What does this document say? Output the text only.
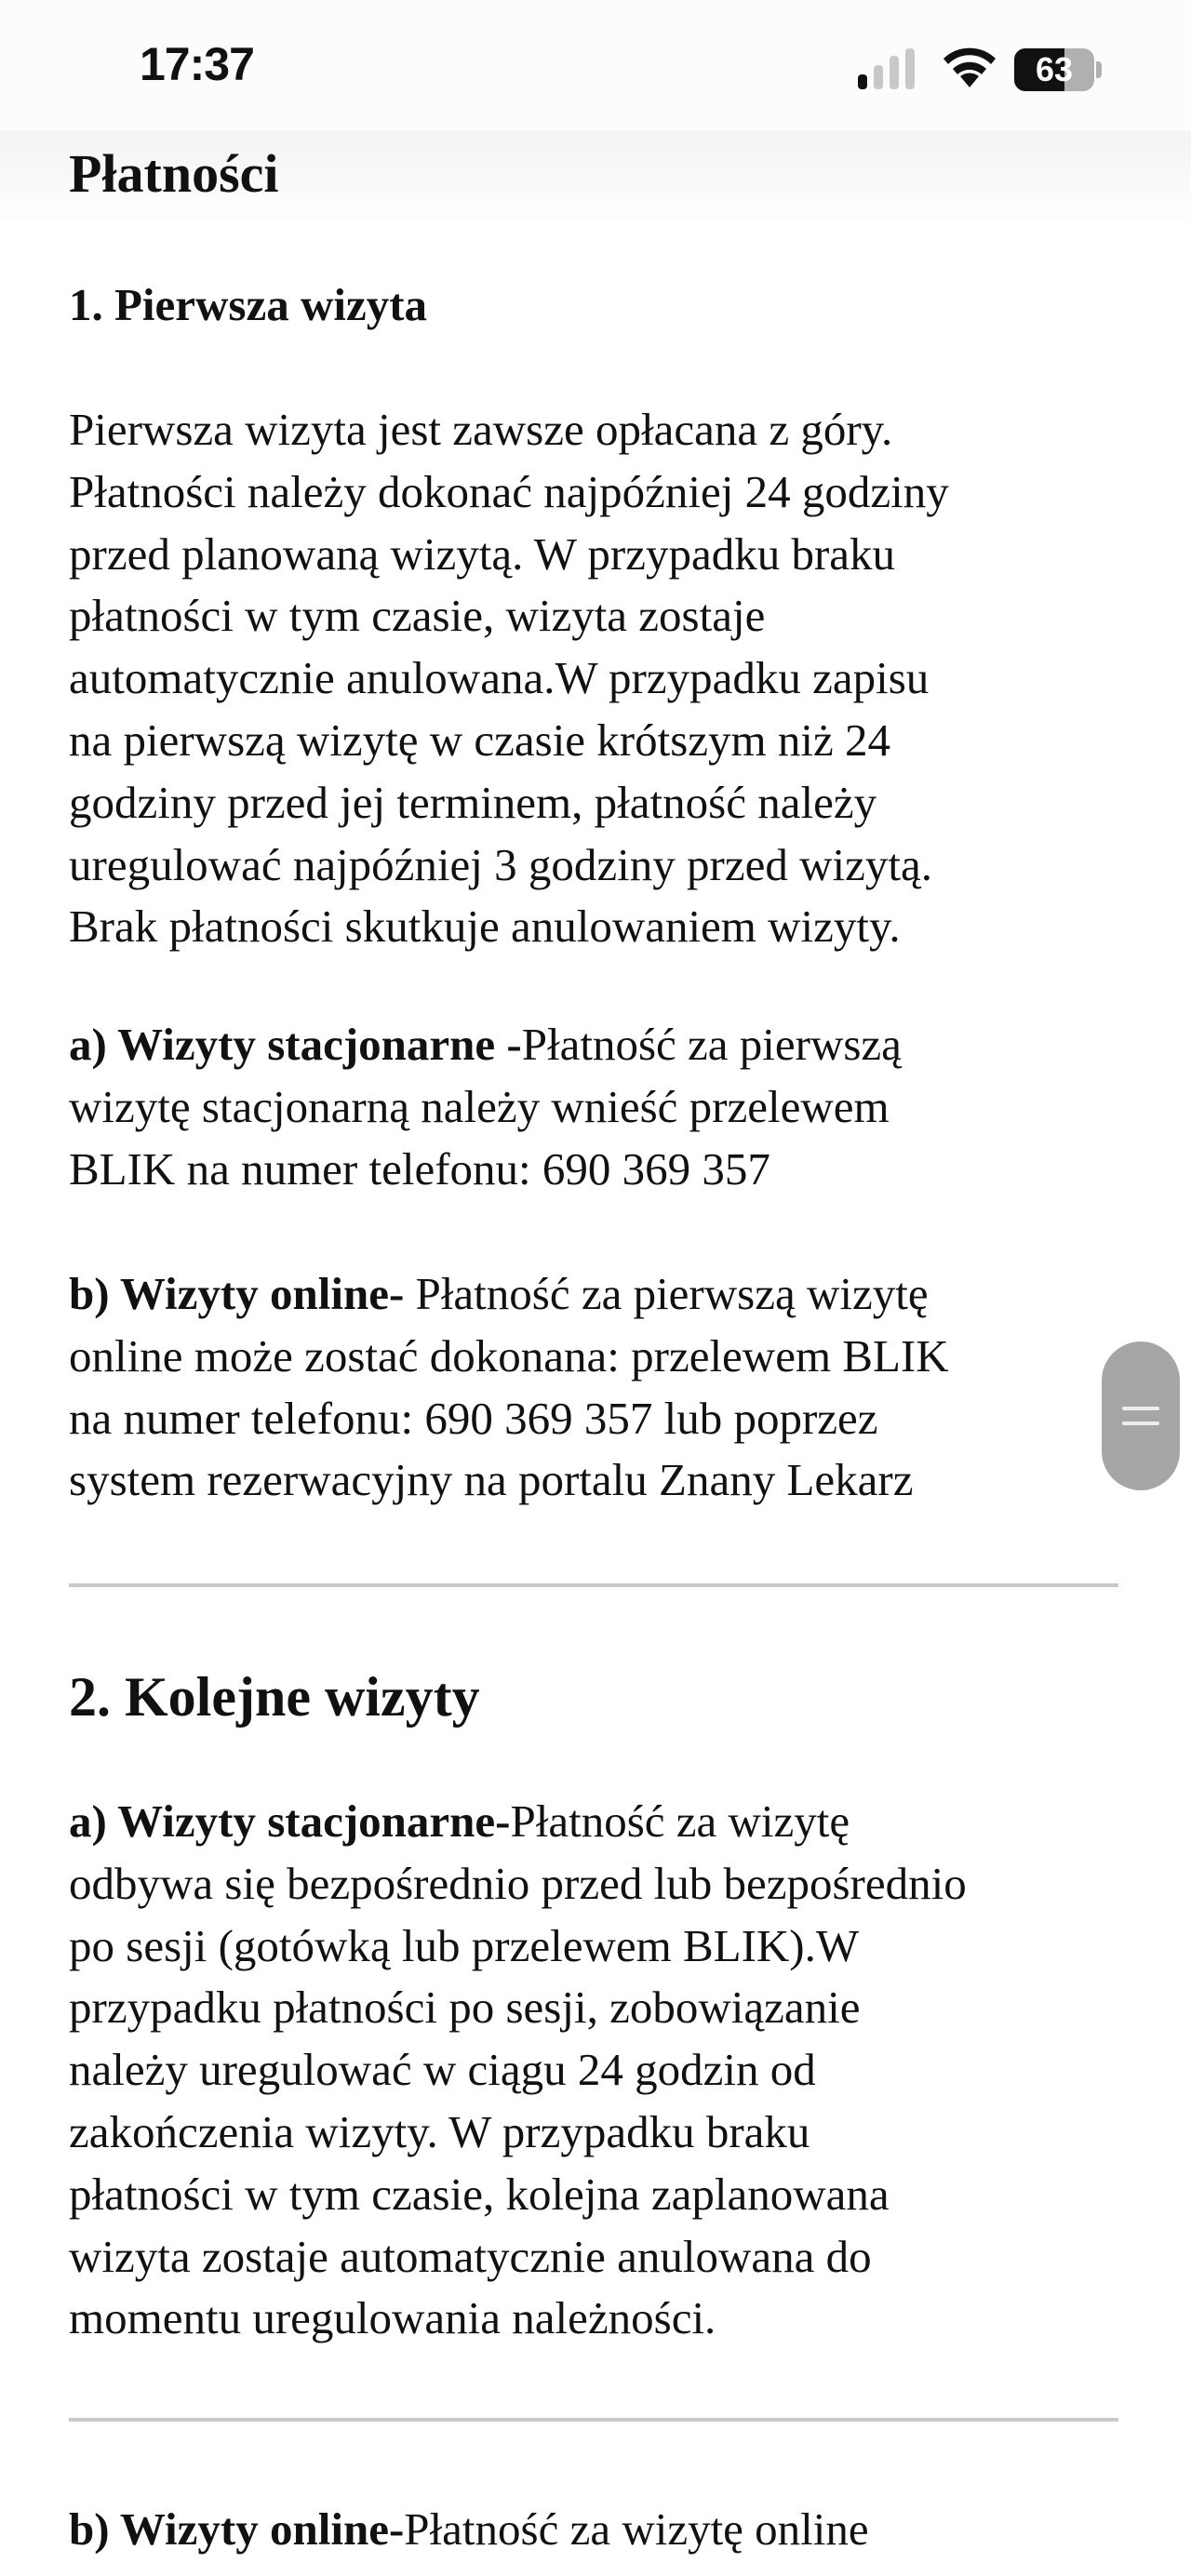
17:37	63
Płatności
1. Pierwsza wizyta
Pierwsza wizyta jest zawsze opłacana z góry.
Płatności należy dokonać najpóźniej 24 godziny
przed planowaną wizytą. W przypadku braku
płatności w tym czasie, wizyta zostaje
automatycznie anulowana.W przypadku zapisu
na pierwszą wizytę w czasie krótszym niż 24
godziny przed jej terminem, płatność należy
uregulować najpóźniej 3 godziny przed wizytą.
Brak płatności skutkuje anulowaniem wizyty.
a) Wizyty stacjonarne -Płatność za pierwszą
wizytę stacjonarną należy wnieść przelewem
BLIK na numer telefonu: 690 369 357
b) Wizyty online- Płatność za pierwszą wizytę
online może zostać dokonana: przelewem BLIK
na numer telefonu: 690 369 357 lub poprzez
system rezerwacyjny na portalu Znany Lekarz
2. Kolejne wizyty
a) Wizyty stacjonarne-Płatność za wizytę
odbywa się bezpośrednio przed lub bezpośrednio
po sesji (gotówką lub przelewem BLIK).W
przypadku płatności po sesji, zobowiązanie
należy uregulować w ciągu 24 godzin od
zakończenia wizyty. W przypadku braku
płatności w tym czasie, kolejna zaplanowana
wizyta zostaje automatycznie anulowana do
momentu uregulowania należności.
b) Wizyty online-Płatność za wizytę online
